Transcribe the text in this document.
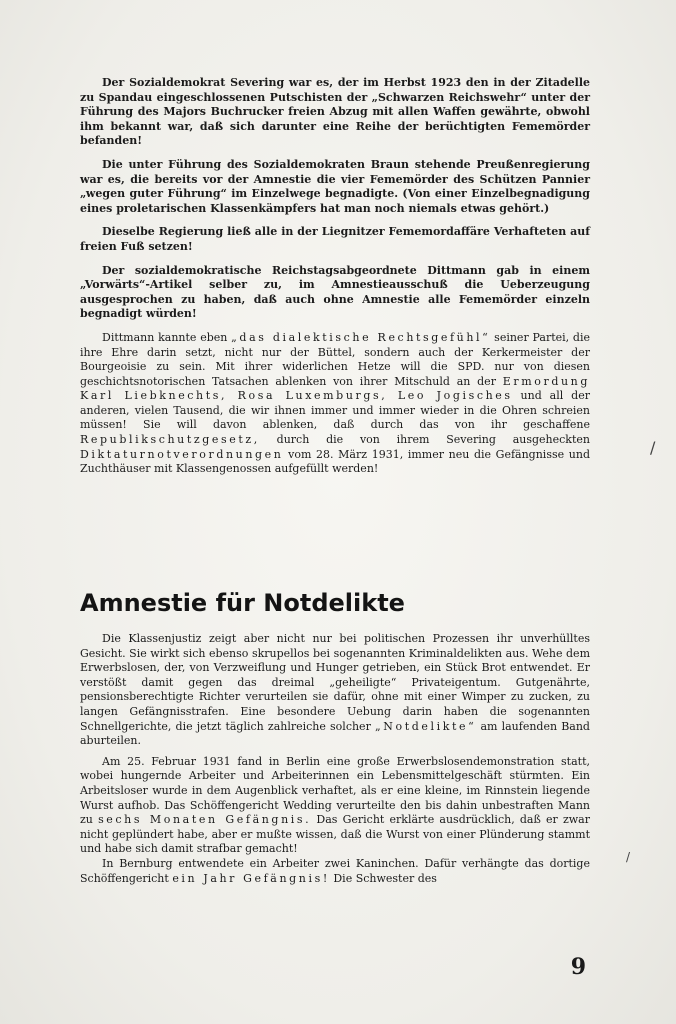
Der Sozialdemokrat Severing war es, der im Herbst 1923 den in der Zitadelle zu Spandau eingeschlossenen Putschisten der „Schwarzen Reichswehr“ unter der Führung des Majors Buchrucker freien Abzug mit allen Waffen gewährte, obwohl ihm bekannt war, daß sich darunter eine Reihe der berüchtigten Fememörder befanden!

Die unter Führung des Sozialdemokraten Braun stehende Preußenregierung war es, die bereits vor der Amnestie die vier Fememörder des Schützen Pannier „wegen guter Führung“ im Einzelwege begnadigte. (Von einer Einzelbegnadigung eines proletarischen Klassenkämpfers hat man noch niemals etwas gehört.)

Dieselbe Regierung ließ alle in der Liegnitzer Fememordaffäre Verhafteten auf freien Fuß setzen!

Der sozialdemokratische Reichstagsabgeordnete Dittmann gab in einem „Vorwärts“-Artikel selber zu, im Amnestieausschuß die Ueberzeugung ausgesprochen zu haben, daß auch ohne Amnestie alle Fememörder einzeln begnadigt würden!

Dittmann kannte eben „das dialektische Rechtsgefühl“ seiner Partei, die ihre Ehre darin setzt, nicht nur der Büttel, sondern auch der Kerkermeister der Bourgeoisie zu sein. Mit ihrer widerlichen Hetze will die SPD. nur von diesen geschichtsnotorischen Tatsachen ablenken von ihrer Mitschuld an der Ermordung Karl Liebknechts, Rosa Luxemburgs, Leo Jogisches und all der anderen, vielen Tausend, die wir ihnen immer und immer wieder in die Ohren schreien müssen! Sie will davon ablenken, daß durch das von ihr geschaffene Republikschutzgesetz, durch die von ihrem Severing ausgeheckten Diktaturnotverordnungen vom 28. März 1931, immer neu die Gefängnisse und Zuchthäuser mit Klassengenossen aufgefüllt werden!

Amnestie für Notdelikte

Die Klassenjustiz zeigt aber nicht nur bei politischen Prozessen ihr unverhülltes Gesicht. Sie wirkt sich ebenso skrupellos bei sogenannten Kriminaldelikten aus. Wehe dem Erwerbslosen, der, von Verzweiflung und Hunger getrieben, ein Stück Brot entwendet. Er verstößt damit gegen das dreimal „geheiligte“ Privateigentum. Gutgenährte, pensionsberechtigte Richter verurteilen sie dafür, ohne mit einer Wimper zu zucken, zu langen Gefängnisstrafen. Eine besondere Uebung darin haben die sogenannten Schnellgerichte, die jetzt täglich zahlreiche solcher „Notdelikte“ am laufenden Band aburteilen.

Am 25. Februar 1931 fand in Berlin eine große Erwerbslosendemonstration statt, wobei hungernde Arbeiter und Arbeiterinnen ein Lebensmittelgeschäft stürmten. Ein Arbeitsloser wurde in dem Augenblick verhaftet, als er eine kleine, im Rinnstein liegende Wurst aufhob. Das Schöffengericht Wedding verurteilte den bis dahin unbestraften Mann zu sechs Monaten Gefängnis. Das Gericht erklärte ausdrücklich, daß er zwar nicht geplündert habe, aber er mußte wissen, daß die Wurst von einer Plünderung stammt und habe sich damit strafbar gemacht!

In Bernburg entwendete ein Arbeiter zwei Kaninchen. Dafür verhängte das dortige Schöffengericht ein Jahr Gefängnis! Die Schwester des

9
/
/
